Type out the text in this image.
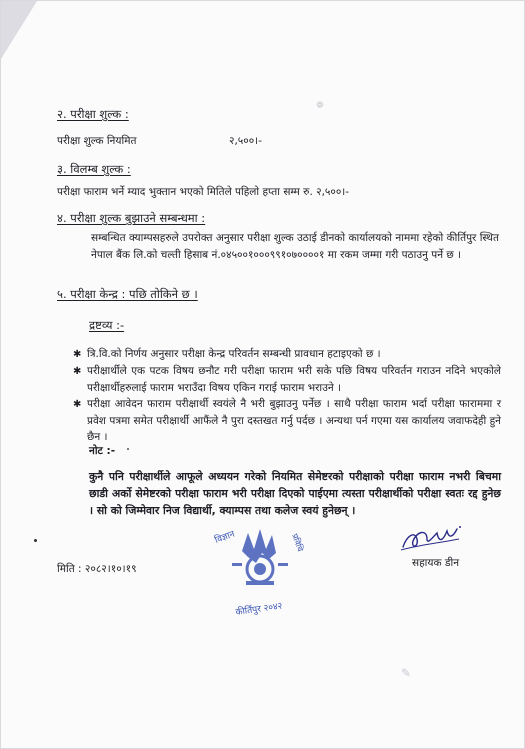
❁
✎
२. परीक्षा शुल्क :
परीक्षा शुल्क नियमित	२,५००।-
३. विलम्ब शुल्क :
परीक्षा फाराम भर्ने म्याद भुक्तान भएको मितिले पहिलो हप्ता सम्म रु. २,५००।-
४. परीक्षा शुल्क बुझाउने सम्बन्धमा :
सम्बन्धित क्याम्पसहरुले उपरोक्त अनुसार परीक्षा शुल्क उठाई डीनको कार्यालयको नाममा रहेको कीर्तिपुर स्थित नेपाल बैंक लि.को चल्ती हिसाब नं.०४५००१०००९९१०७००००१ मा रकम जम्मा गरी पठाउनु पर्ने छ ।
५. परीक्षा केन्द्र : पछि तोकिने छ ।
द्रष्टव्य :-
✱ त्रि.वि.को निर्णय अनुसार परीक्षा केन्द्र परिवर्तन सम्बन्धी प्रावधान हटाइएको छ ।
✱ परीक्षार्थीले एक पटक विषय छनौट गरी परीक्षा फाराम भरी सके पछि विषय परिवर्तन गराउन नदिने भएकोले परीक्षार्थीहरुलाई फाराम भराउँदा विषय एकिन गराई फाराम भराउने ।
✱ परीक्षा आवेदन फाराम परीक्षार्थी स्वयंले नै भरी बुझाउनु पर्नेछ । साथै परीक्षा फाराम भर्दा परीक्षा फाराममा र प्रवेश पत्रमा समेत परीक्षार्थी आफैंले नै पुरा दस्तखत गर्नु पर्दछ । अन्यथा पर्न गएमा यस कार्यालय जवाफदेही हुने छैन ।
नोट :-
कुनै पनि परीक्षार्थीले आफूले अध्ययन गरेको नियमित सेमेष्टरको परीक्षाको परीक्षा फाराम नभरी बिचमा छाडी अर्को सेमेष्टरको परीक्षा फाराम भरी परीक्षा दिएको पाईएमा त्यस्ता परीक्षार्थीको परीक्षा स्वतः रद्द हुनेछ । सो को जिम्मेवार निज विद्यार्थी, क्याम्पस तथा कलेज स्वयं हुनेछन् ।
सहायक डीन
मिति : २०८२।१०।१९
विज्ञान	प्रविधि
कीर्तिपुर २०४२
